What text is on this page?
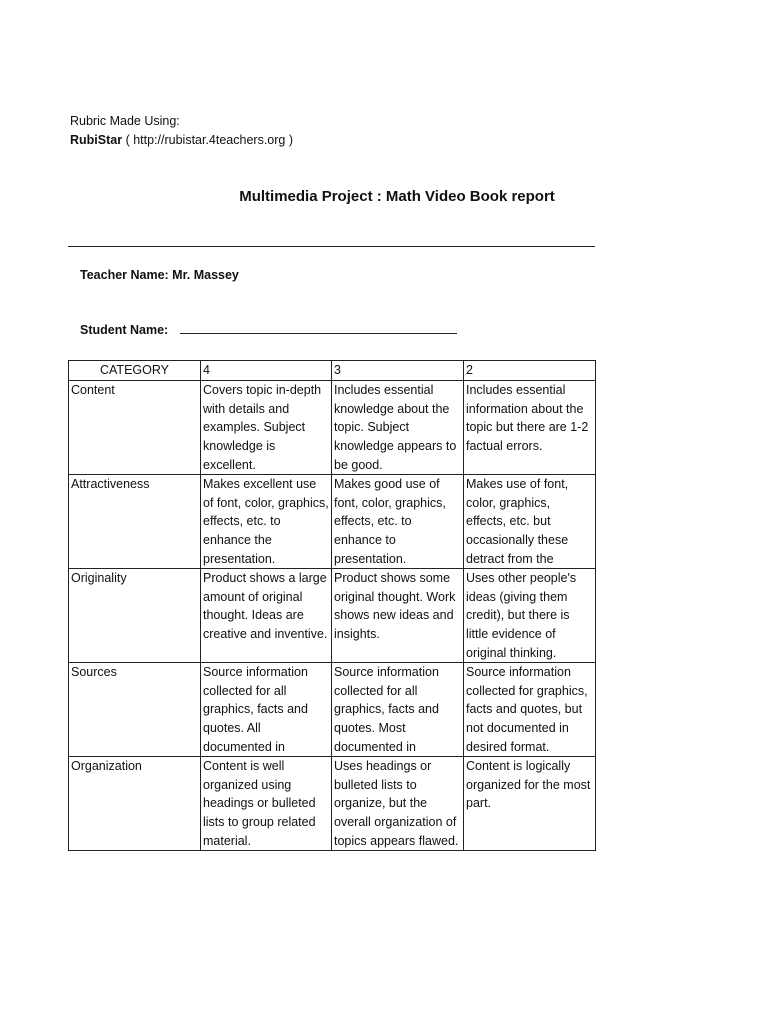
Rubric Made Using:
RubiStar ( http://rubistar.4teachers.org )
Multimedia Project : Math Video Book report
Teacher Name: Mr. Massey
Student Name:
CATEGORY	4	3	2
Content	Covers topic in-depth with details and examples. Subject knowledge is excellent.	Includes essential knowledge about the topic. Subject knowledge appears to be good.	Includes essential information about the topic but there are 1-2 factual errors.

Attractiveness	Makes excellent use of font, color, graphics, effects, etc. to enhance the presentation.	Makes good use of font, color, graphics, effects, etc. to enhance to presentation.	Makes use of font, color, graphics, effects, etc. but occasionally these detract from the

Originality	Product shows a large amount of original thought. Ideas are creative and inventive.	Product shows some original thought. Work shows new ideas and insights.	Uses other people's ideas (giving them credit), but there is little evidence of original thinking.

Sources	Source information collected for all graphics, facts and quotes. All documented in	Source information collected for all graphics, facts and quotes. Most documented in	Source information collected for graphics, facts and quotes, but not documented in desired format.

Organization	Content is well organized using headings or bulleted lists to group related material.	Uses headings or bulleted lists to organize, but the overall organization of topics appears flawed.	Content is logically organized for the most part.
